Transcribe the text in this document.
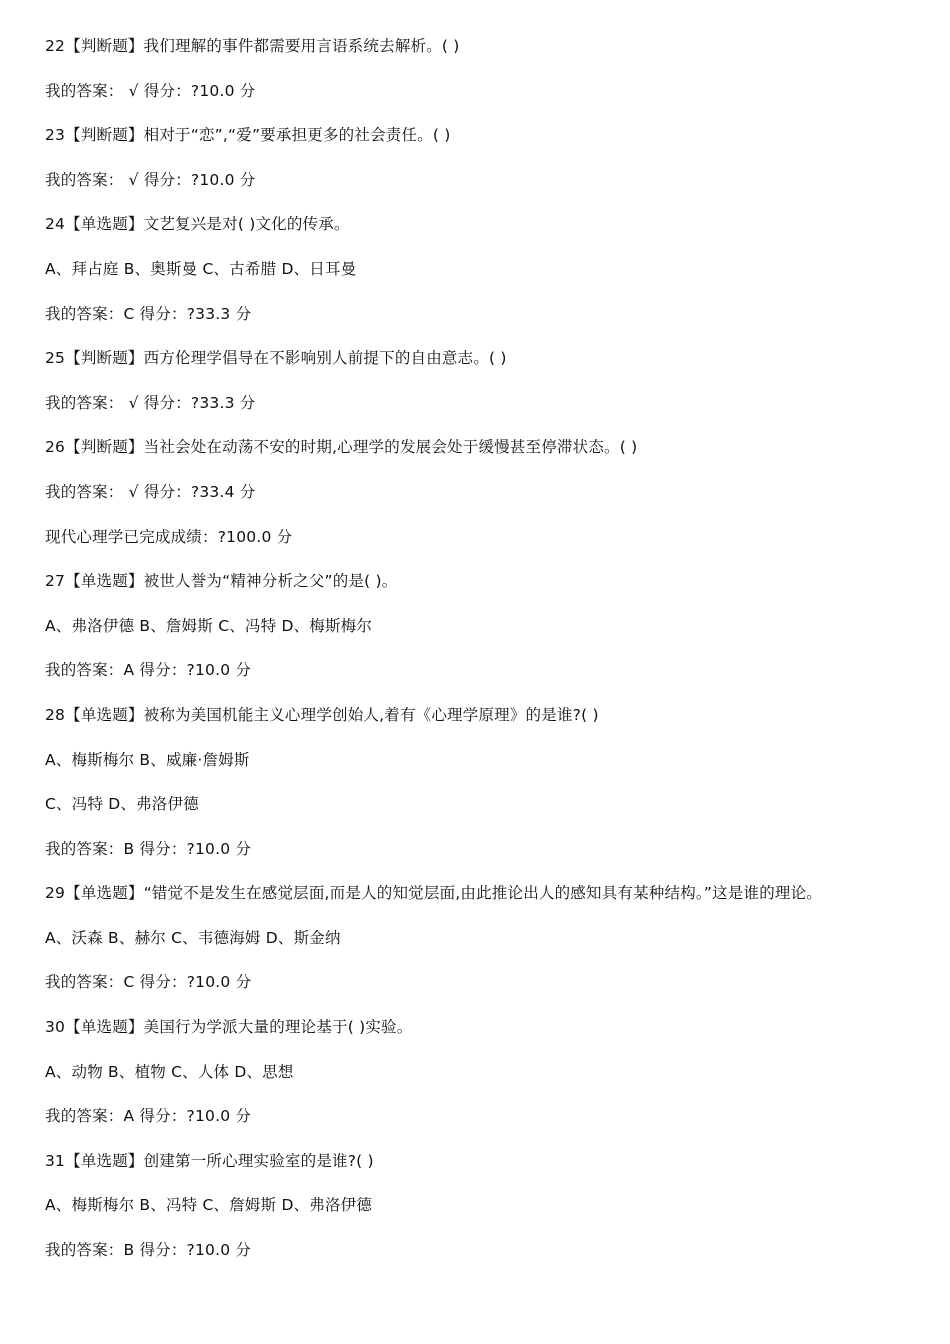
22【判断题】我们理解的事件都需要用言语系统去解析。( )
我的答案： √ 得分：?10.0 分
23【判断题】相对于“恋”,“爱”要承担更多的社会责任。( )
我的答案： √ 得分：?10.0 分
24【单选题】文艺复兴是对( )文化的传承。
A、拜占庭 B、奥斯曼 C、古希腊 D、日耳曼
我的答案：C 得分：?33.3 分
25【判断题】西方伦理学倡导在不影响别人前提下的自由意志。( )
我的答案： √ 得分：?33.3 分
26【判断题】当社会处在动荡不安的时期,心理学的发展会处于缓慢甚至停滞状态。( )
我的答案： √ 得分：?33.4 分
现代心理学已完成成绩：?100.0 分
27【单选题】被世人誉为“精神分析之父”的是( )。
A、弗洛伊德 B、詹姆斯 C、冯特 D、梅斯梅尔
我的答案：A 得分：?10.0 分
28【单选题】被称为美国机能主义心理学创始人,着有《心理学原理》的是谁?( )
A、梅斯梅尔 B、威廉·詹姆斯
C、冯特 D、弗洛伊德
我的答案：B 得分：?10.0 分
29【单选题】“错觉不是发生在感觉层面,而是人的知觉层面,由此推论出人的感知具有某种结构。”这是谁的理论。
A、沃森 B、赫尔 C、韦德海姆 D、斯金纳
我的答案：C 得分：?10.0 分
30【单选题】美国行为学派大量的理论基于( )实验。
A、动物 B、植物 C、人体 D、思想
我的答案：A 得分：?10.0 分
31【单选题】创建第一所心理实验室的是谁?( )
A、梅斯梅尔 B、冯特 C、詹姆斯 D、弗洛伊德
我的答案：B 得分：?10.0 分
